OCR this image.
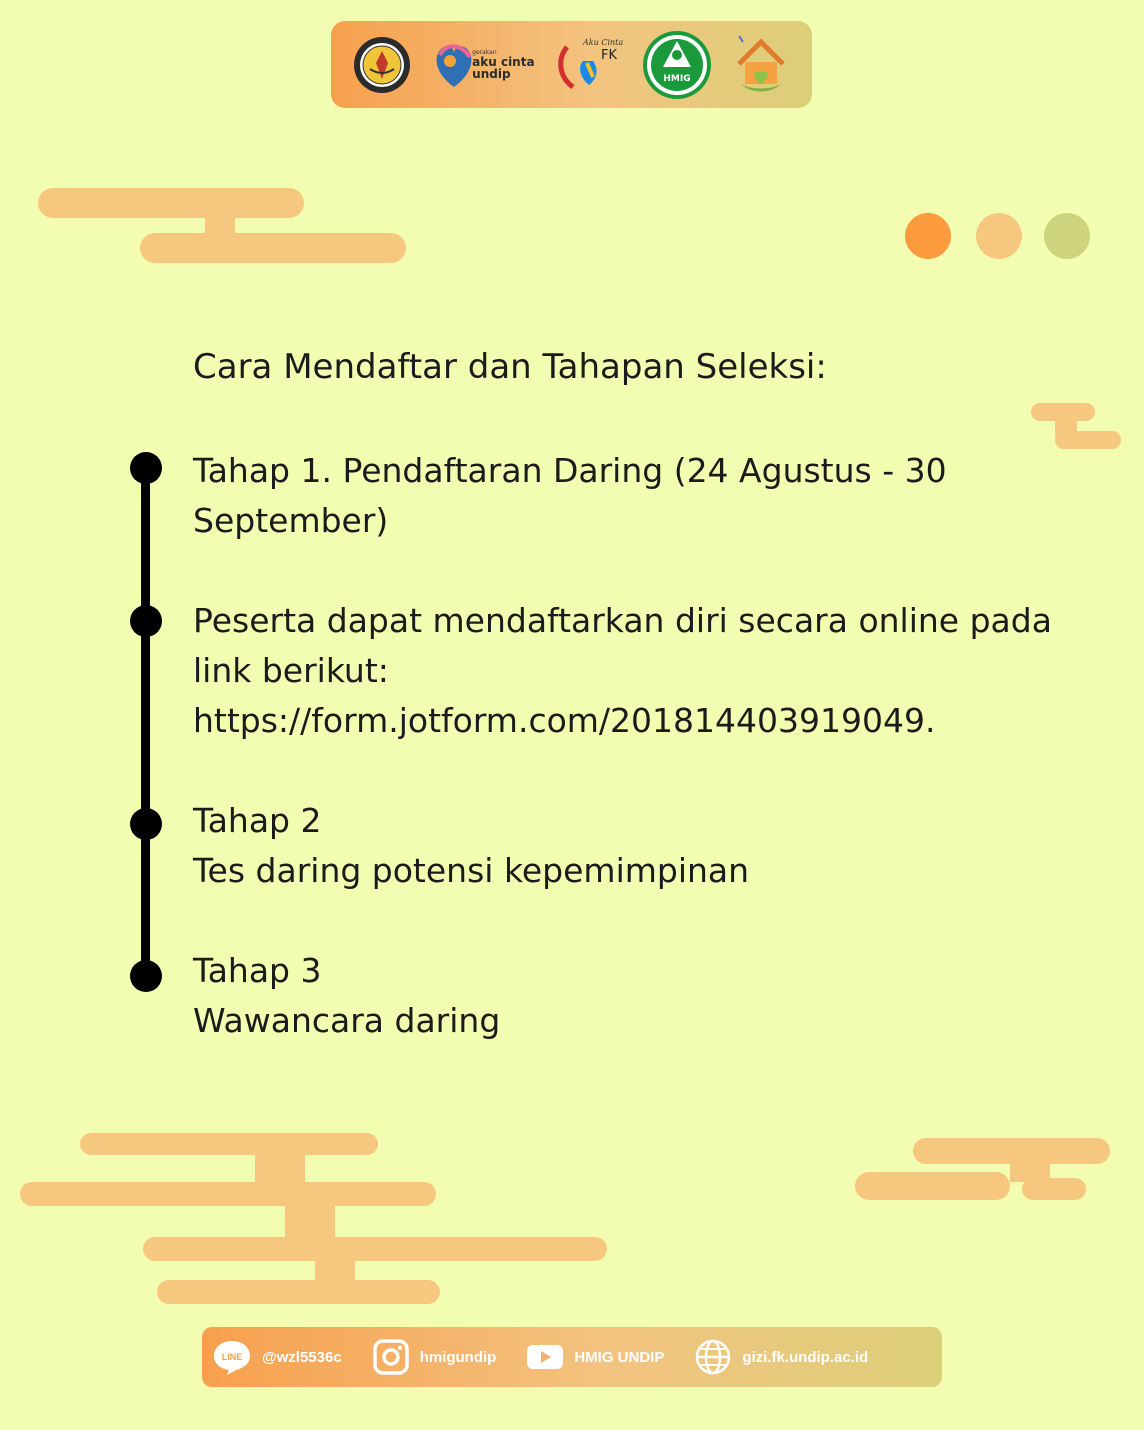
gerakan
aku cinta
undip
Aku Cinta
FK
HMIG
Cara Mendaftar dan Tahapan Seleksi:
Tahap 1. Pendaftaran Daring (24 Agustus - 30
September)
Peserta dapat mendaftarkan diri secara online pada
link berikut:
https://form.jotform.com/201814403919049.
Tahap 2
Tes daring potensi kepemimpinan
Tahap 3
Wawancara daring
LINE @wzl5536c	hmigundip	HMIG UNDIP	gizi.fk.undip.ac.id
